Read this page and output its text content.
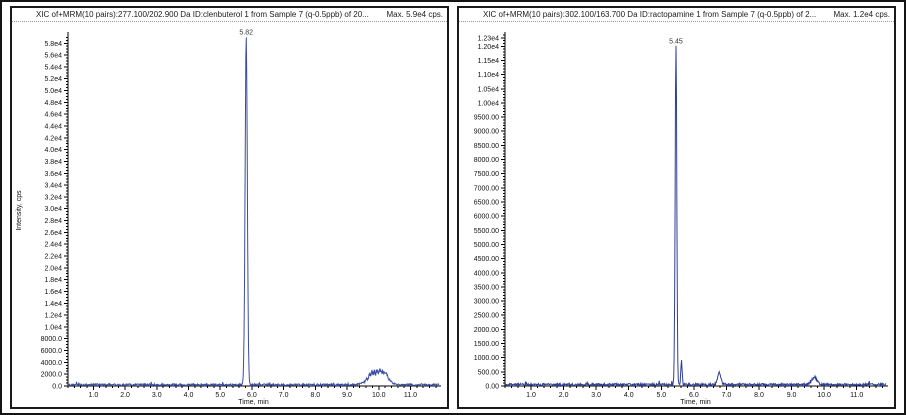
XIC of+MRM(10 pairs):277.100/202.900 Da ID:clenbuterol 1 from Sample 7 (q-0.5ppb) of 20... Max. 5.9e4 cps.
0.0
2000.0
4000.0
6000.0
8000.0
1.0e4
1.2e4
1.4e4
1.6e4
1.8e4
2.0e4
2.2e4
2.4e4
2.6e4
2.8e4
3.0e4
3.2e4
3.4e4
3.6e4
3.8e4
4.0e4
4.2e4
4.4e4
4.6e4
4.8e4
5.0e4
5.2e4
5.4e4
5.6e4
5.8e4
1.0	2.0	3.0	4.0	5.0	6.0	7.0	8.0	9.0	10.0	11.0
Time, min
Intensity, cps
5.82
XIC of+MRM(10 pairs):302.100/163.700 Da ID:ractopamine 1 from Sample 7 (q-0.5ppb) of 2... Max. 1.2e4 cps.
0.00
500.00
1000.00
1500.00
2000.00
2500.00
3000.00
3500.00
4000.00
4500.00
5000.00
5500.00
6000.00
6500.00
7000.00
7500.00
8000.00
8500.00
9000.00
9500.00
1.00e4
1.05e4
1.10e4
1.15e4
1.20e4
1.23e4
1.0	2.0	3.0	4.0	5.0	6.0	7.0	8.0	9.0	10.0	11.0
Time, min
5.45
